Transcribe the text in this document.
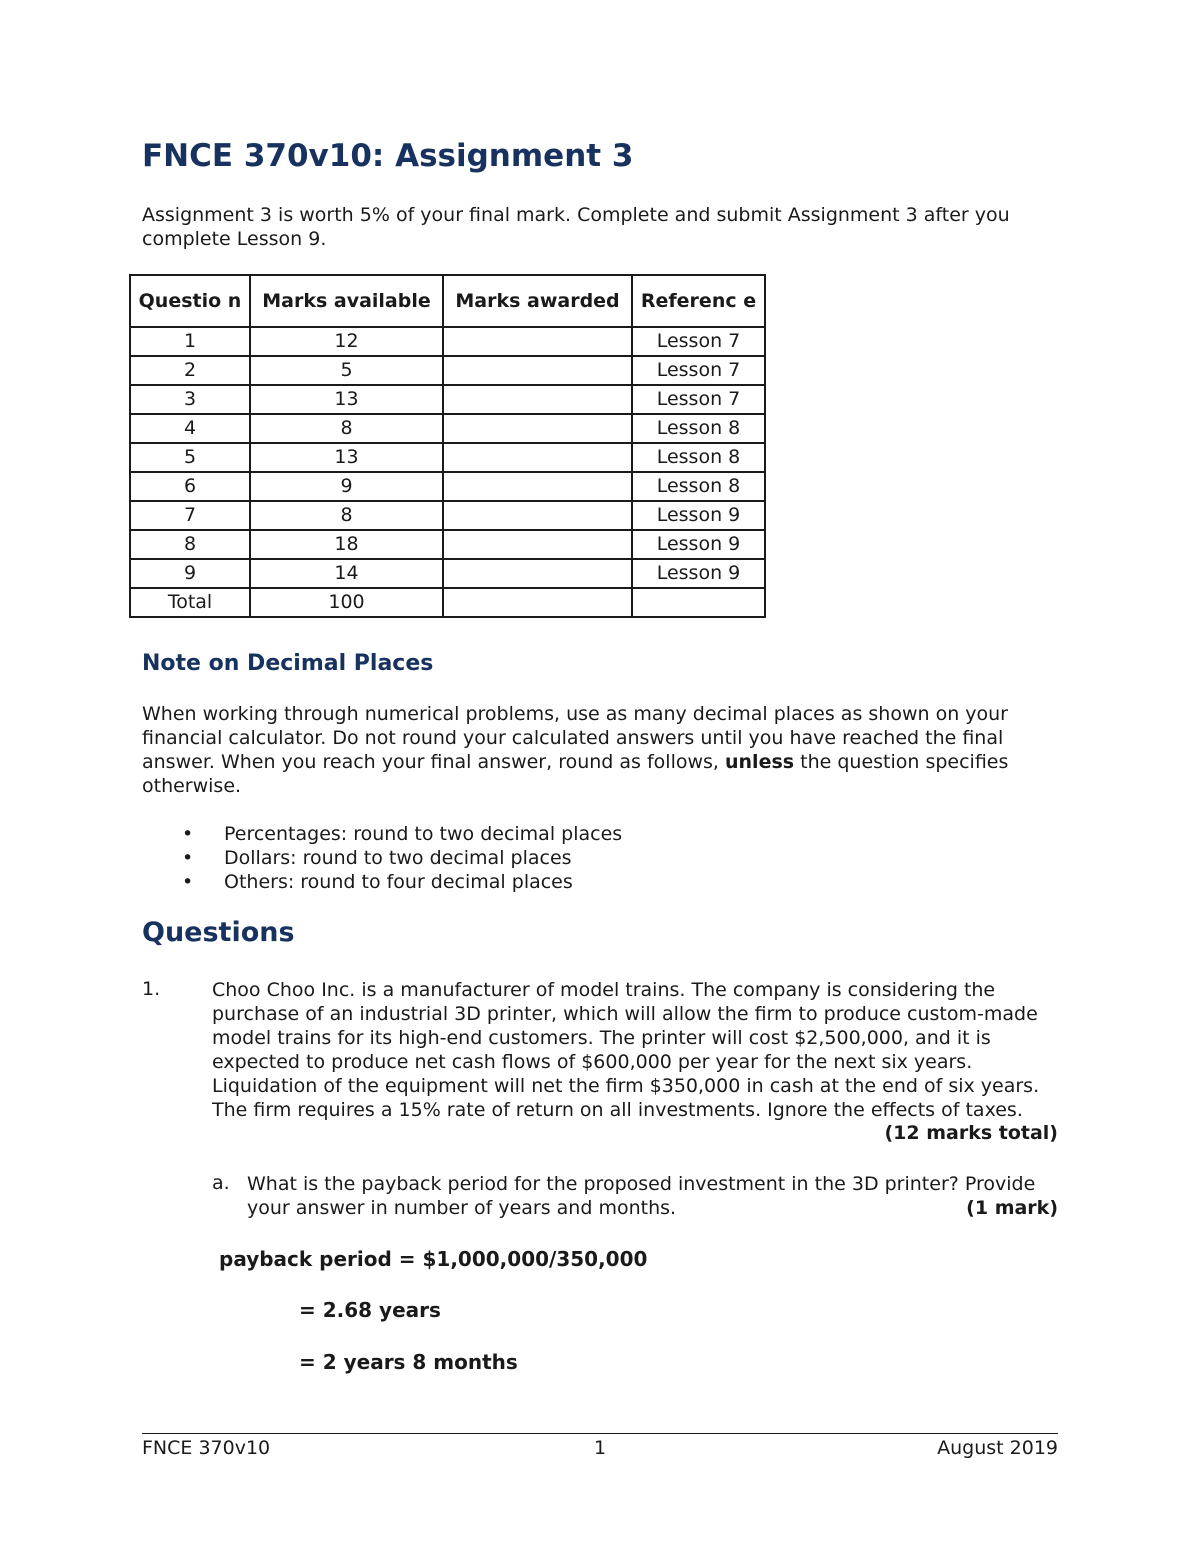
FNCE 370v10: Assignment 3
Assignment 3 is worth 5% of your final mark. Complete and submit Assignment 3 after you complete Lesson 9.
Questio n	Marks available	Marks awarded	Referenc e
1	12		Lesson 7
2	5		Lesson 7
3	13		Lesson 7
4	8		Lesson 8
5	13		Lesson 8
6	9		Lesson 8
7	8		Lesson 9
8	18		Lesson 9
9	14		Lesson 9
Total	100		
Note on Decimal Places
When working through numerical problems, use as many decimal places as shown on your financial calculator. Do not round your calculated answers until you have reached the final answer. When you reach your final answer, round as follows, unless the question specifies otherwise.
• Percentages: round to two decimal places
• Dollars: round to two decimal places
• Others: round to four decimal places
Questions
1.	Choo Choo Inc. is a manufacturer of model trains. The company is considering the purchase of an industrial 3D printer, which will allow the firm to produce custom-made model trains for its high-end customers. The printer will cost $2,500,000, and it is expected to produce net cash flows of $600,000 per year for the next six years. Liquidation of the equipment will net the firm $350,000 in cash at the end of six years. The firm requires a 15% rate of return on all investments. Ignore the effects of taxes.
(12 marks total)
a. What is the payback period for the proposed investment in the 3D printer? Provide your answer in number of years and months.	(1 mark)
payback period = $1,000,000/350,000
= 2.68 years
= 2 years 8 months
FNCE 370v10	1	August 2019
